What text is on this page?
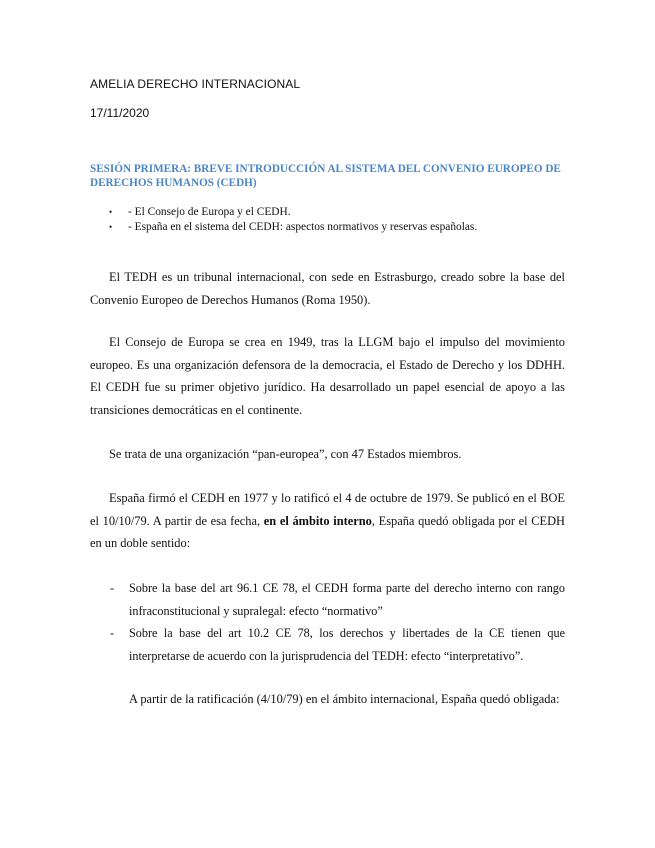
AMELIA DERECHO INTERNACIONAL
17/11/2020
SESIÓN PRIMERA: BREVE INTRODUCCIÓN AL SISTEMA DEL CONVENIO EUROPEO DE DERECHOS HUMANOS (CEDH)
• - El Consejo de Europa y el CEDH.
• - España en el sistema del CEDH: aspectos normativos y reservas españolas.

El TEDH es un tribunal internacional, con sede en Estrasburgo, creado sobre la base del Convenio Europeo de Derechos Humanos (Roma 1950).

El Consejo de Europa se crea en 1949, tras la LLGM bajo el impulso del movimiento europeo. Es una organización defensora de la democracia, el Estado de Derecho y los DDHH. El CEDH fue su primer objetivo jurídico. Ha desarrollado un papel esencial de apoyo a las transiciones democráticas en el continente.

Se trata de una organización “pan-europea”, con 47 Estados miembros.

España firmó el CEDH en 1977 y lo ratificó el 4 de octubre de 1979. Se publicó en el BOE el 10/10/79. A partir de esa fecha, en el ámbito interno, España quedó obligada por el CEDH en un doble sentido:

- Sobre la base del art 96.1 CE 78, el CEDH forma parte del derecho interno con rango infraconstitucional y supralegal: efecto “normativo”
- Sobre la base del art 10.2 CE 78, los derechos y libertades de la CE tienen que interpretarse de acuerdo con la jurisprudencia del TEDH: efecto “interpretativo”.

A partir de la ratificación (4/10/79) en el ámbito internacional, España quedó obligada:
